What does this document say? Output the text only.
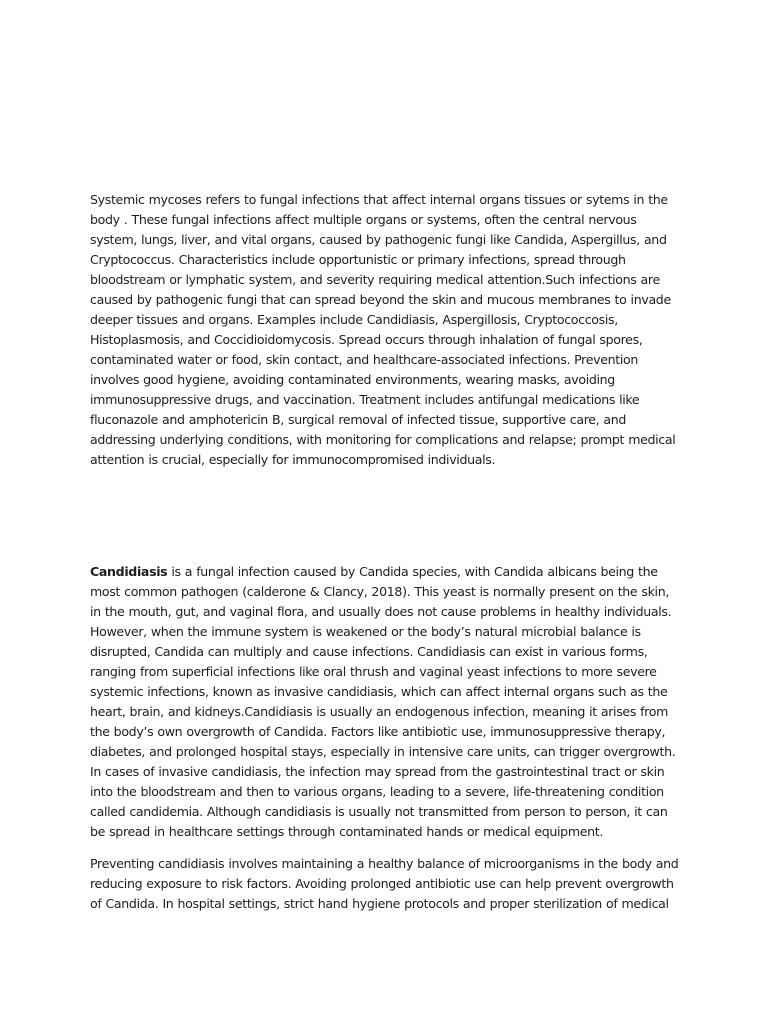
Systemic mycoses refers to fungal infections that affect internal organs tissues or sytems in the body . These fungal infections affect multiple organs or systems, often the central nervous system, lungs, liver, and vital organs, caused by pathogenic fungi like Candida, Aspergillus, and Cryptococcus. Characteristics include opportunistic or primary infections, spread through bloodstream or lymphatic system, and severity requiring medical attention.Such infections are caused by pathogenic fungi that can spread beyond the skin and mucous membranes to invade deeper tissues and organs. Examples include Candidiasis, Aspergillosis, Cryptococcosis, Histoplasmosis, and Coccidioidomycosis. Spread occurs through inhalation of fungal spores, contaminated water or food, skin contact, and healthcare-associated infections. Prevention involves good hygiene, avoiding contaminated environments, wearing masks, avoiding immunosuppressive drugs, and vaccination. Treatment includes antifungal medications like fluconazole and amphotericin B, surgical removal of infected tissue, supportive care, and addressing underlying conditions, with monitoring for complications and relapse; prompt medical attention is crucial, especially for immunocompromised individuals.

Candidiasis is a fungal infection caused by Candida species, with Candida albicans being the most common pathogen (calderone & Clancy, 2018). This yeast is normally present on the skin, in the mouth, gut, and vaginal flora, and usually does not cause problems in healthy individuals. However, when the immune system is weakened or the body’s natural microbial balance is disrupted, Candida can multiply and cause infections. Candidiasis can exist in various forms, ranging from superficial infections like oral thrush and vaginal yeast infections to more severe systemic infections, known as invasive candidiasis, which can affect internal organs such as the heart, brain, and kidneys.Candidiasis is usually an endogenous infection, meaning it arises from the body’s own overgrowth of Candida. Factors like antibiotic use, immunosuppressive therapy, diabetes, and prolonged hospital stays, especially in intensive care units, can trigger overgrowth. In cases of invasive candidiasis, the infection may spread from the gastrointestinal tract or skin into the bloodstream and then to various organs, leading to a severe, life-threatening condition called candidemia. Although candidiasis is usually not transmitted from person to person, it can be spread in healthcare settings through contaminated hands or medical equipment.

Preventing candidiasis involves maintaining a healthy balance of microorganisms in the body and reducing exposure to risk factors. Avoiding prolonged antibiotic use can help prevent overgrowth of Candida. In hospital settings, strict hand hygiene protocols and proper sterilization of medical
